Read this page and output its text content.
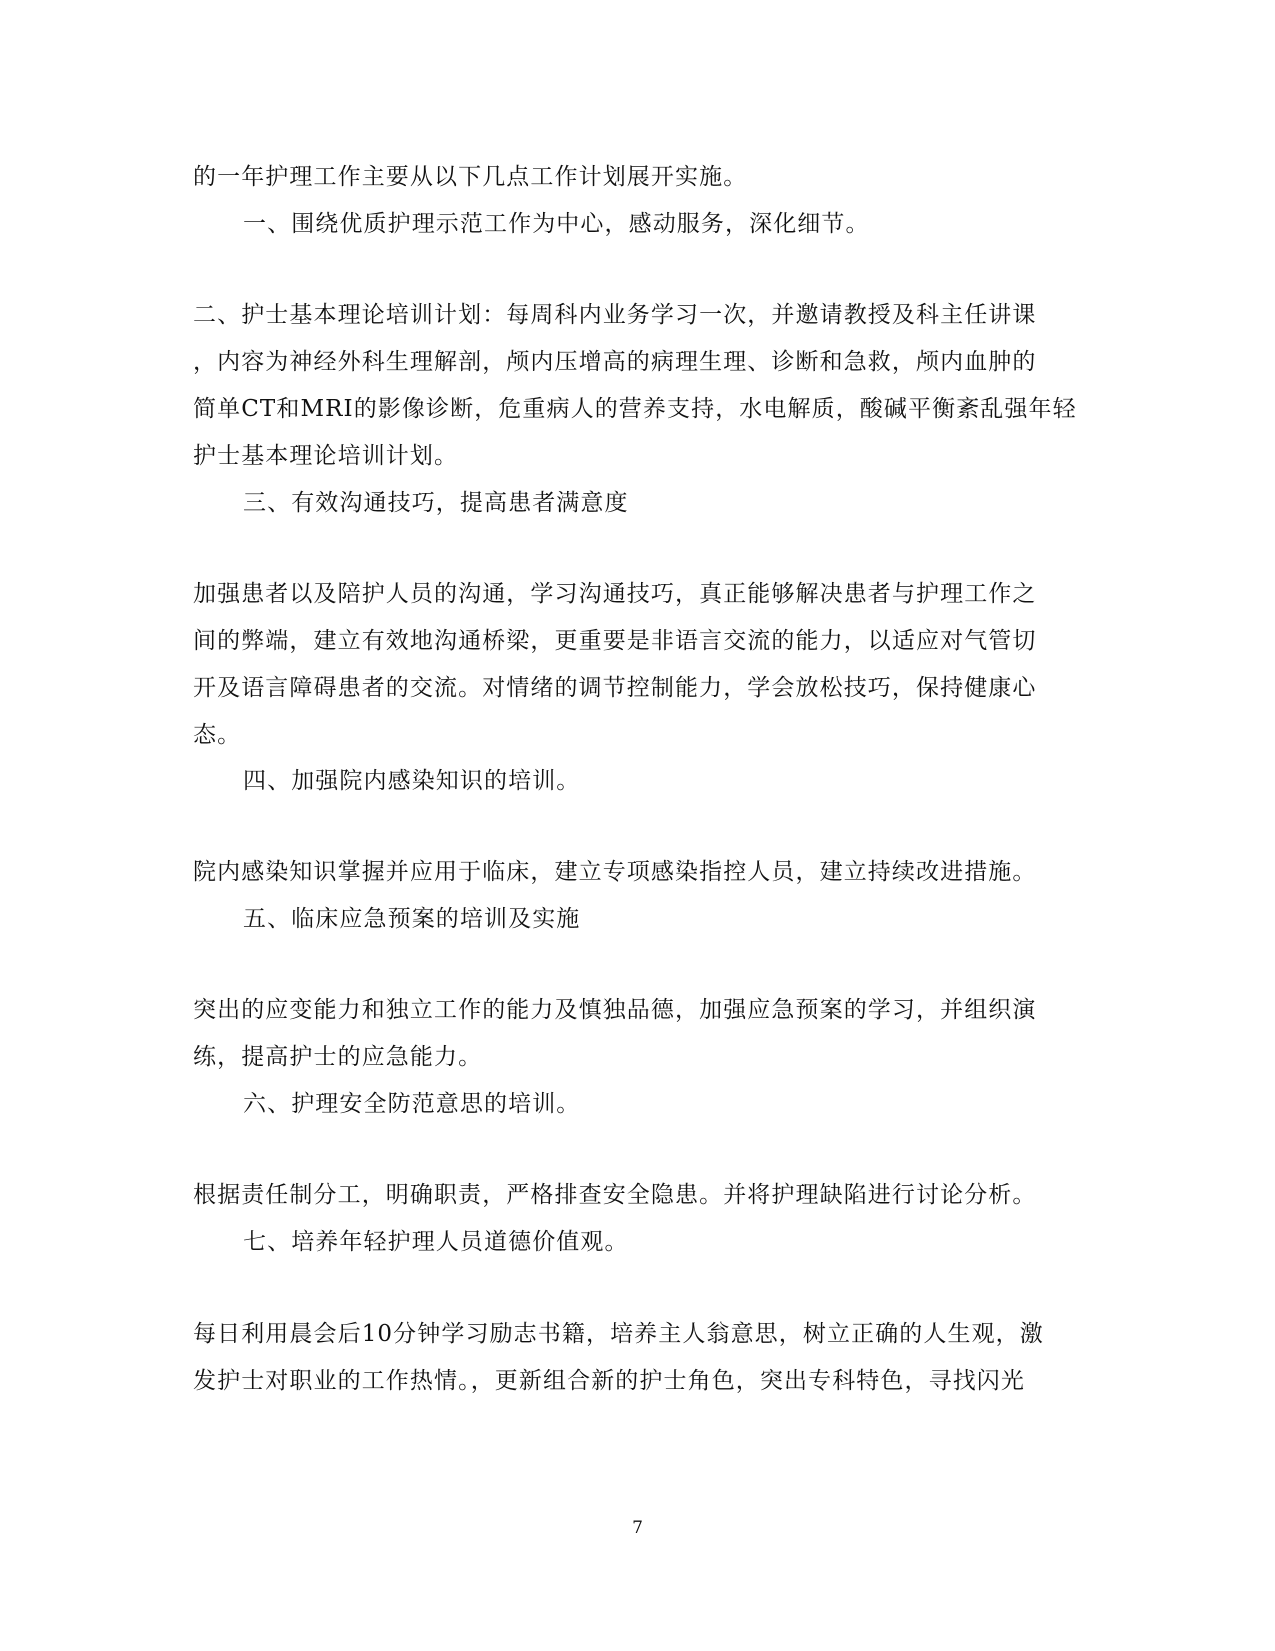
的一年护理工作主要从以下几点工作计划展开实施。
一、围绕优质护理示范工作为中心，感动服务，深化细节。
二、护士基本理论培训计划：每周科内业务学习一次，并邀请教授及科主任讲课
，内容为神经外科生理解剖，颅内压增高的病理生理、诊断和急救，颅内血肿的
简单CT和MRI的影像诊断，危重病人的营养支持，水电解质，酸碱平衡紊乱强年轻
护士基本理论培训计划。
三、有效沟通技巧，提高患者满意度
加强患者以及陪护人员的沟通，学习沟通技巧，真正能够解决患者与护理工作之
间的弊端，建立有效地沟通桥梁，更重要是非语言交流的能力，以适应对气管切
开及语言障碍患者的交流。对情绪的调节控制能力，学会放松技巧，保持健康心
态。
四、加强院内感染知识的培训。
院内感染知识掌握并应用于临床，建立专项感染指控人员，建立持续改进措施。
五、临床应急预案的培训及实施
突出的应变能力和独立工作的能力及慎独品德，加强应急预案的学习，并组织演
练，提高护士的应急能力。
六、护理安全防范意思的培训。
根据责任制分工，明确职责，严格排查安全隐患。并将护理缺陷进行讨论分析。
七、培养年轻护理人员道德价值观。
每日利用晨会后10分钟学习励志书籍，培养主人翁意思，树立正确的人生观，激
发护士对职业的工作热情。，更新组合新的护士角色，突出专科特色，寻找闪光
7
